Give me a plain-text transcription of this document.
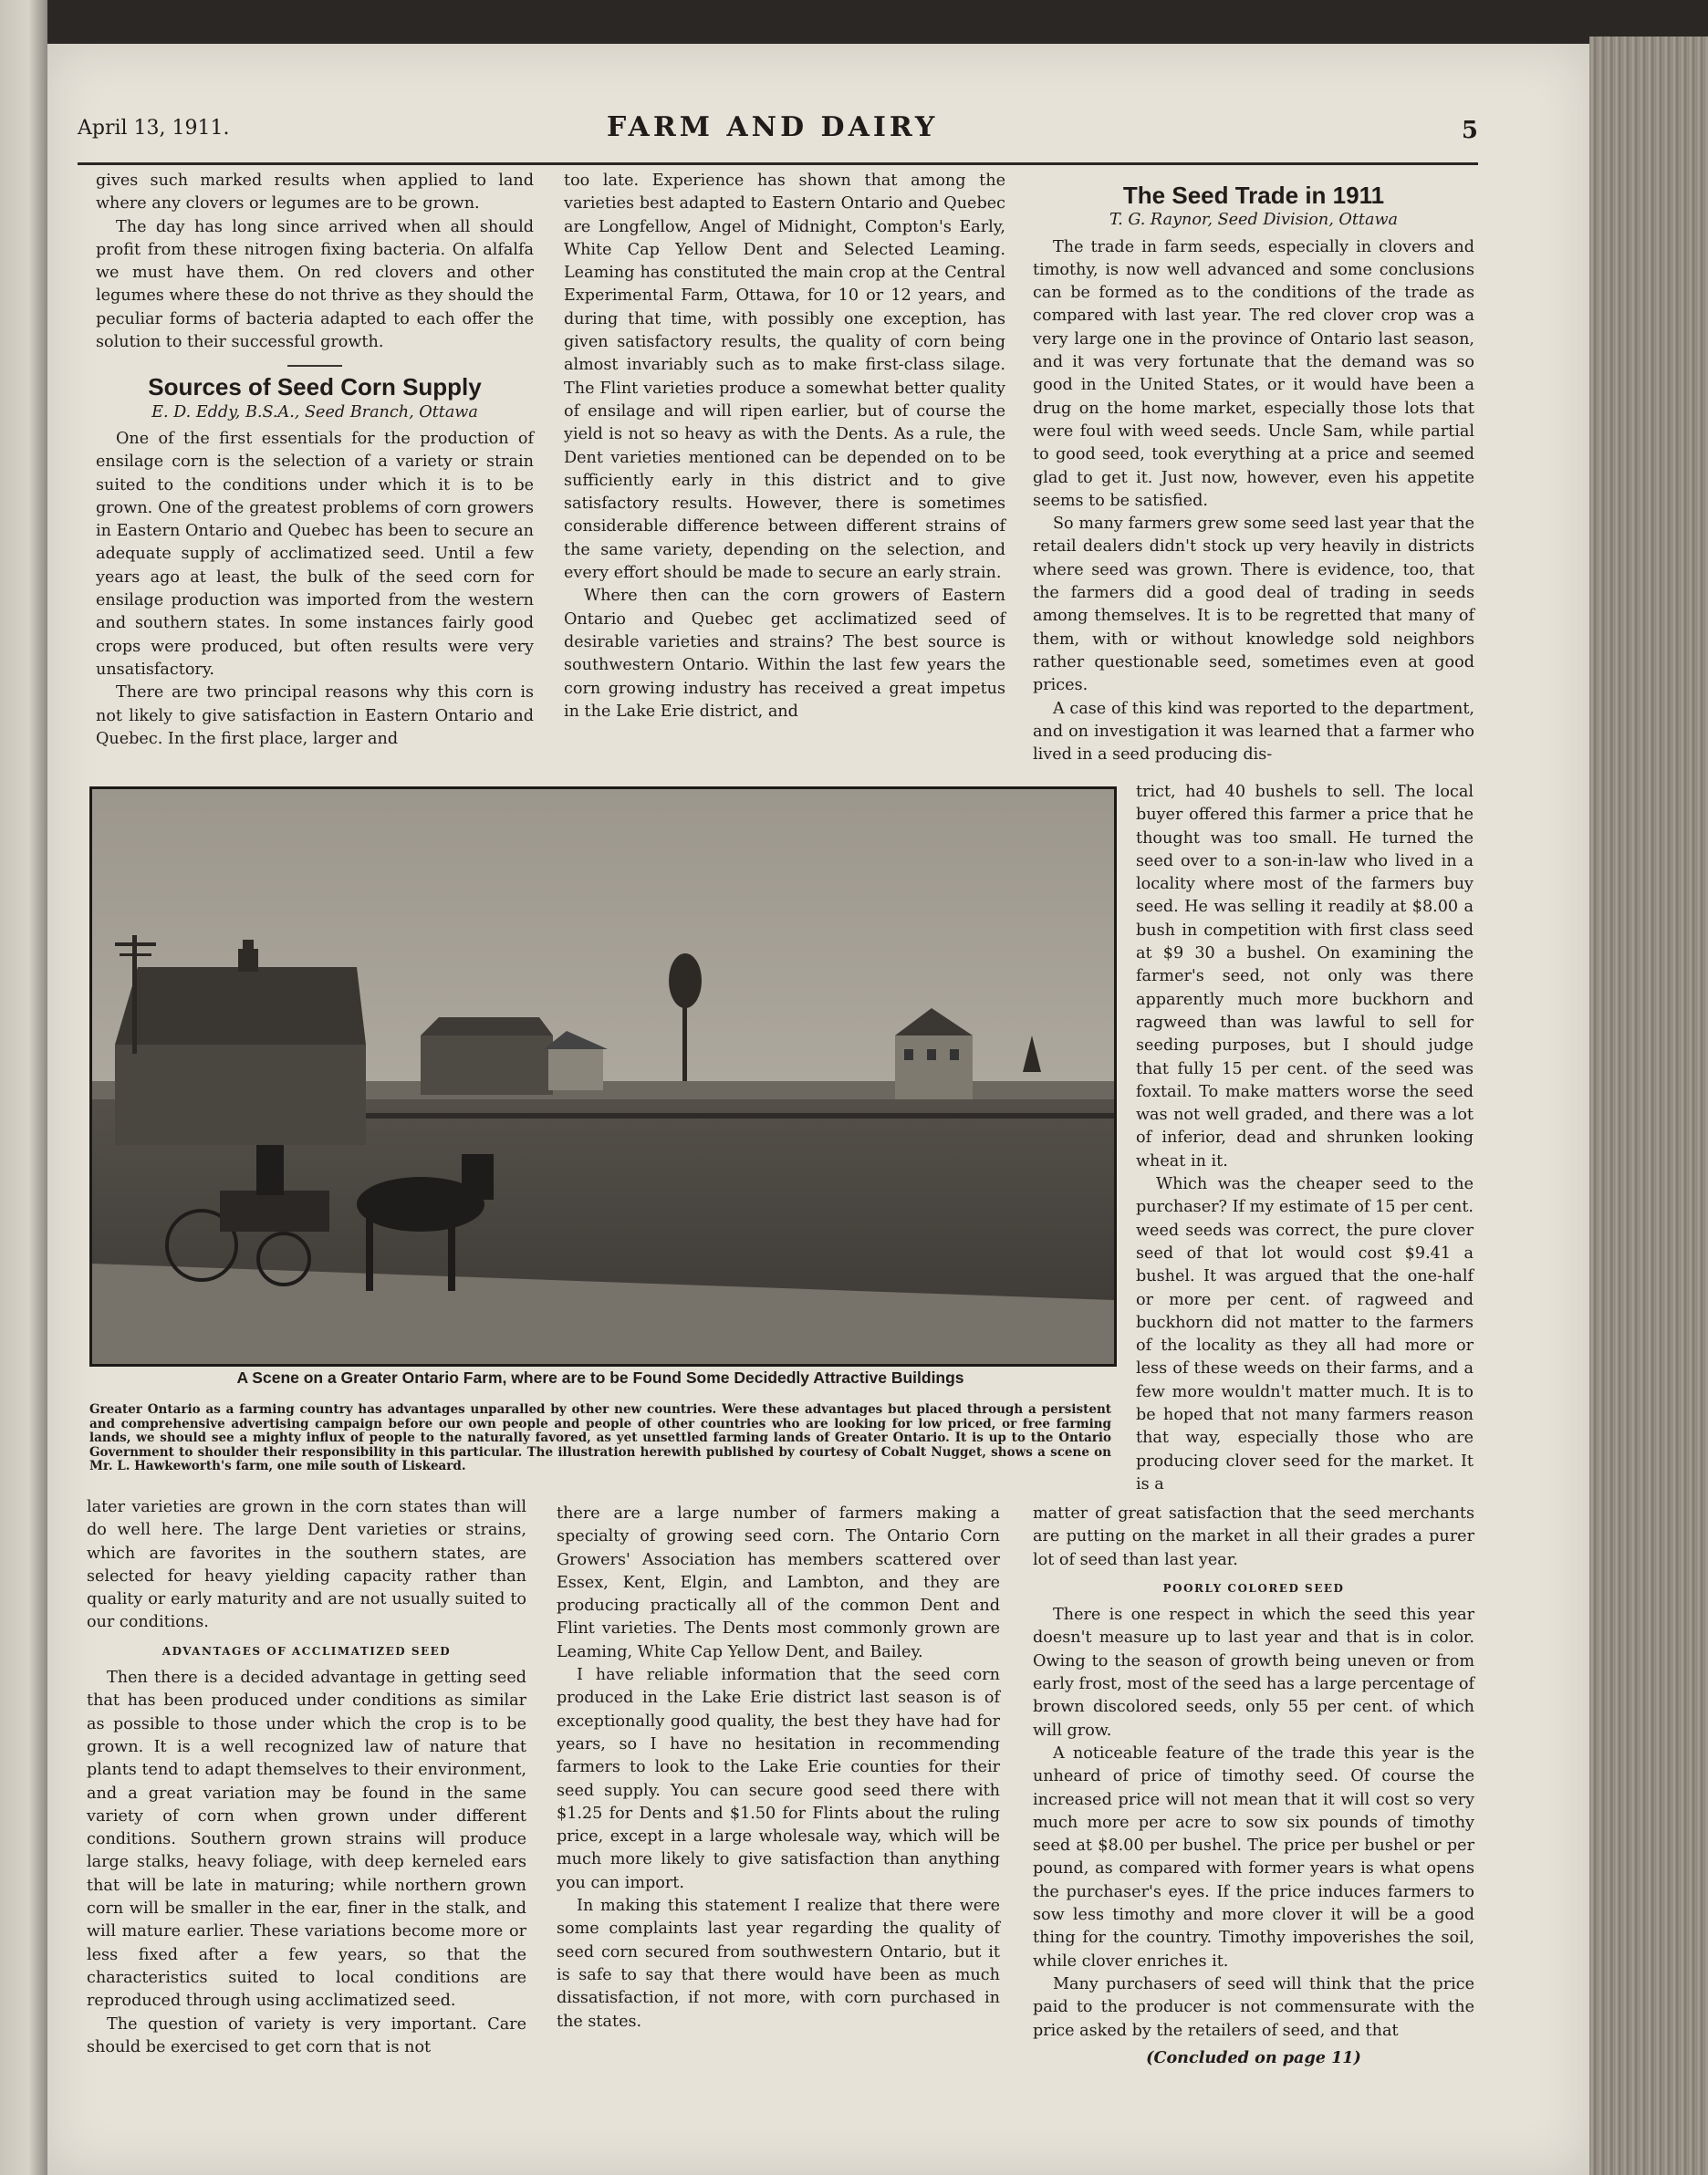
April 13, 1911.	FARM AND DAIRY	5

gives such marked results when applied to land where any clovers or legumes are to be grown.

The day has long since arrived when all should profit from these nitrogen fixing bacteria. On alfalfa we must have them. On red clovers and other legumes where these do not thrive as they should the peculiar forms of bacteria adapted to each offer the solution to their successful growth.

Sources of Seed Corn Supply
E. D. Eddy, B.S.A., Seed Branch, Ottawa

One of the first essentials for the production of ensilage corn is the selection of a variety or strain suited to the conditions under which it is to be grown. One of the greatest problems of corn growers in Eastern Ontario and Quebec has been to secure an adequate supply of acclimatized seed. Until a few years ago at least, the bulk of the seed corn for ensilage production was imported from the western and southern states. In some instances fairly good crops were produced, but often results were very unsatisfactory.

There are two principal reasons why this corn is not likely to give satisfaction in Eastern Ontario and Quebec. In the first place, larger and

too late. Experience has shown that among the varieties best adapted to Eastern Ontario and Quebec are Longfellow, Angel of Midnight, Compton's Early, White Cap Yellow Dent and Selected Leaming. Leaming has constituted the main crop at the Central Experimental Farm, Ottawa, for 10 or 12 years, and during that time, with possibly one exception, has given satisfactory results, the quality of corn being almost invariably such as to make first-class silage. The Flint varieties produce a somewhat better quality of ensilage and will ripen earlier, but of course the yield is not so heavy as with the Dents. As a rule, the Dent varieties mentioned can be depended on to be sufficiently early in this district and to give satisfactory results. However, there is sometimes considerable difference between different strains of the same variety, depending on the selection, and every effort should be made to secure an early strain.

Where then can the corn growers of Eastern Ontario and Quebec get acclimatized seed of desirable varieties and strains? The best source is southwestern Ontario. Within the last few years the corn growing industry has received a great impetus in the Lake Erie district, and

The Seed Trade in 1911
T. G. Raynor, Seed Division, Ottawa

The trade in farm seeds, especially in clovers and timothy, is now well advanced and some conclusions can be formed as to the conditions of the trade as compared with last year. The red clover crop was a very large one in the province of Ontario last season, and it was very fortunate that the demand was so good in the United States, or it would have been a drug on the home market, especially those lots that were foul with weed seeds. Uncle Sam, while partial to good seed, took everything at a price and seemed glad to get it. Just now, however, even his appetite seems to be satisfied.

So many farmers grew some seed last year that the retail dealers didn't stock up very heavily in districts where seed was grown. There is evidence, too, that the farmers did a good deal of trading in seeds among themselves. It is to be regretted that many of them, with or without knowledge sold neighbors rather questionable seed, sometimes even at good prices.

A case of this kind was reported to the department, and on investigation it was learned that a farmer who lived in a seed producing dis-

trict, had 40 bushels to sell. The local buyer offered this farmer a price that he thought was too small. He turned the seed over to a son-in-law who lived in a locality where most of the farmers buy seed. He was selling it readily at $8.00 a bush in competition with first class seed at $9 30 a bushel. On examining the farmer's seed, not only was there apparently much more buckhorn and ragweed than was lawful to sell for seeding purposes, but I should judge that fully 15 per cent. of the seed was foxtail. To make matters worse the seed was not well graded, and there was a lot of inferior, dead and shrunken looking wheat in it.

Which was the cheaper seed to the purchaser? If my estimate of 15 per cent. weed seeds was correct, the pure clover seed of that lot would cost $9.41 a bushel. It was argued that the one-half or more per cent. of ragweed and buckhorn did not matter to the farmers of the locality as they all had more or less of these weeds on their farms, and a few more wouldn't matter much. It is to be hoped that not many farmers reason that way, especially those who are producing clover seed for the market. It is a

matter of great satisfaction that the seed merchants are putting on the market in all their grades a purer lot of seed than last year.

POORLY COLORED SEED

There is one respect in which the seed this year doesn't measure up to last year and that is in color. Owing to the season of growth being uneven or from early frost, most of the seed has a large percentage of brown discolored seeds, only 55 per cent. of which will grow.

A noticeable feature of the trade this year is the unheard of price of timothy seed. Of course the increased price will not mean that it will cost so very much more per acre to sow six pounds of timothy seed at $8.00 per bushel. The price per bushel or per pound, as compared with former years is what opens the purchaser's eyes. If the price induces farmers to sow less timothy and more clover it will be a good thing for the country. Timothy impoverishes the soil, while clover enriches it.

Many purchasers of seed will think that the price paid to the producer is not commensurate with the price asked by the retailers of seed, and that

(Concluded on page 11)
A Scene on a Greater Ontario Farm, where are to be Found Some Decidedly Attractive Buildings
Greater Ontario as a farming country has advantages unparalled by other new countries. Were these advantages but placed through a persistent and comprehensive advertising campaign before our own people and people of other countries who are looking for low priced, or free farming lands, we should see a mighty influx of people to the naturally favored, as yet unsettled farming lands of Greater Ontario. It is up to the Ontario Government to shoulder their responsibility in this particular. The illustration herewith published by courtesy of Cobalt Nugget, shows a scene on Mr. L. Hawkeworth's farm, one mile south of Liskeard.

later varieties are grown in the corn states than will do well here. The large Dent varieties or strains, which are favorites in the southern states, are selected for heavy yielding capacity rather than quality or early maturity and are not usually suited to our conditions.

ADVANTAGES OF ACCLIMATIZED SEED

Then there is a decided advantage in getting seed that has been produced under conditions as similar as possible to those under which the crop is to be grown. It is a well recognized law of nature that plants tend to adapt themselves to their environment, and a great variation may be found in the same variety of corn when grown under different conditions. Southern grown strains will produce large stalks, heavy foliage, with deep kerneled ears that will be late in maturing; while northern grown corn will be smaller in the ear, finer in the stalk, and will mature earlier. These variations become more or less fixed after a few years, so that the characteristics suited to local conditions are reproduced through using acclimatized seed.

The question of variety is very important. Care should be exercised to get corn that is not

there are a large number of farmers making a specialty of growing seed corn. The Ontario Corn Growers' Association has members scattered over Essex, Kent, Elgin, and Lambton, and they are producing practically all of the common Dent and Flint varieties. The Dents most commonly grown are Leaming, White Cap Yellow Dent, and Bailey.

I have reliable information that the seed corn produced in the Lake Erie district last season is of exceptionally good quality, the best they have had for years, so I have no hesitation in recommending farmers to look to the Lake Erie counties for their seed supply. You can secure good seed there with $1.25 for Dents and $1.50 for Flints about the ruling price, except in a large wholesale way, which will be much more likely to give satisfaction than anything you can import.

In making this statement I realize that there were some complaints last year regarding the quality of seed corn secured from southwestern Ontario, but it is safe to say that there would have been as much dissatisfaction, if not more, with corn purchased in the states.
